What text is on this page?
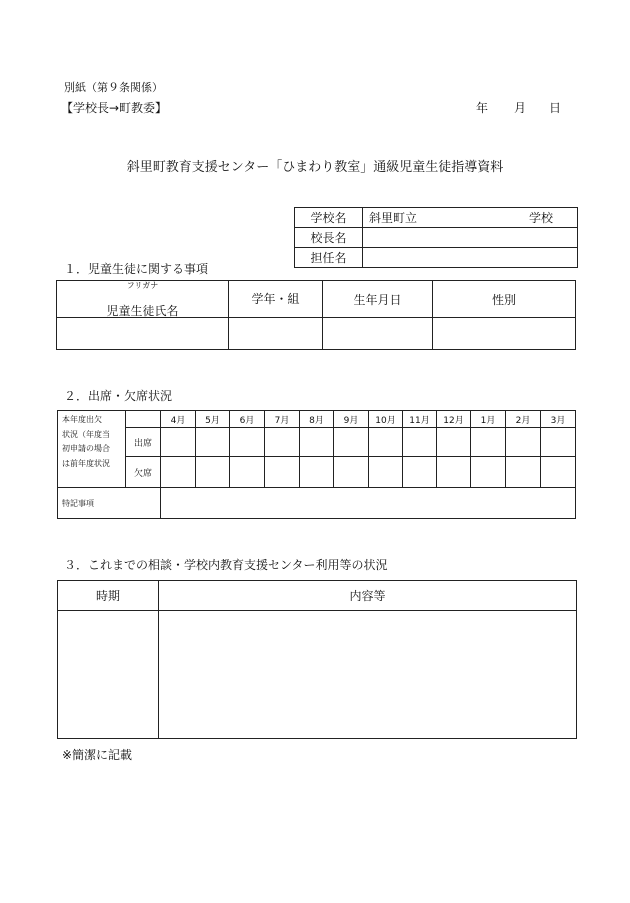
別紙（第９条関係）
【学校長→町教委】	年 月 日
斜里町教育支援センター「ひまわり教室」通級児童生徒指導資料
学校名	斜里町立 学校

校長名	
担任名	
１．児童生徒に関する事項
フリガナ
児童生徒氏名	学年・組	生年月日	性別

２．出席・欠席状況
本年度出欠
状況（年度当
初申請の場合
は前年度状況		4月	5月	6月	7月	8月	9月	10月	11月	12月	1月	2月	3月
	出席												
	欠席												
特記事項													
３．これまでの相談・学校内教育支援センター利用等の状況
時期	内容等

※簡潔に記載
